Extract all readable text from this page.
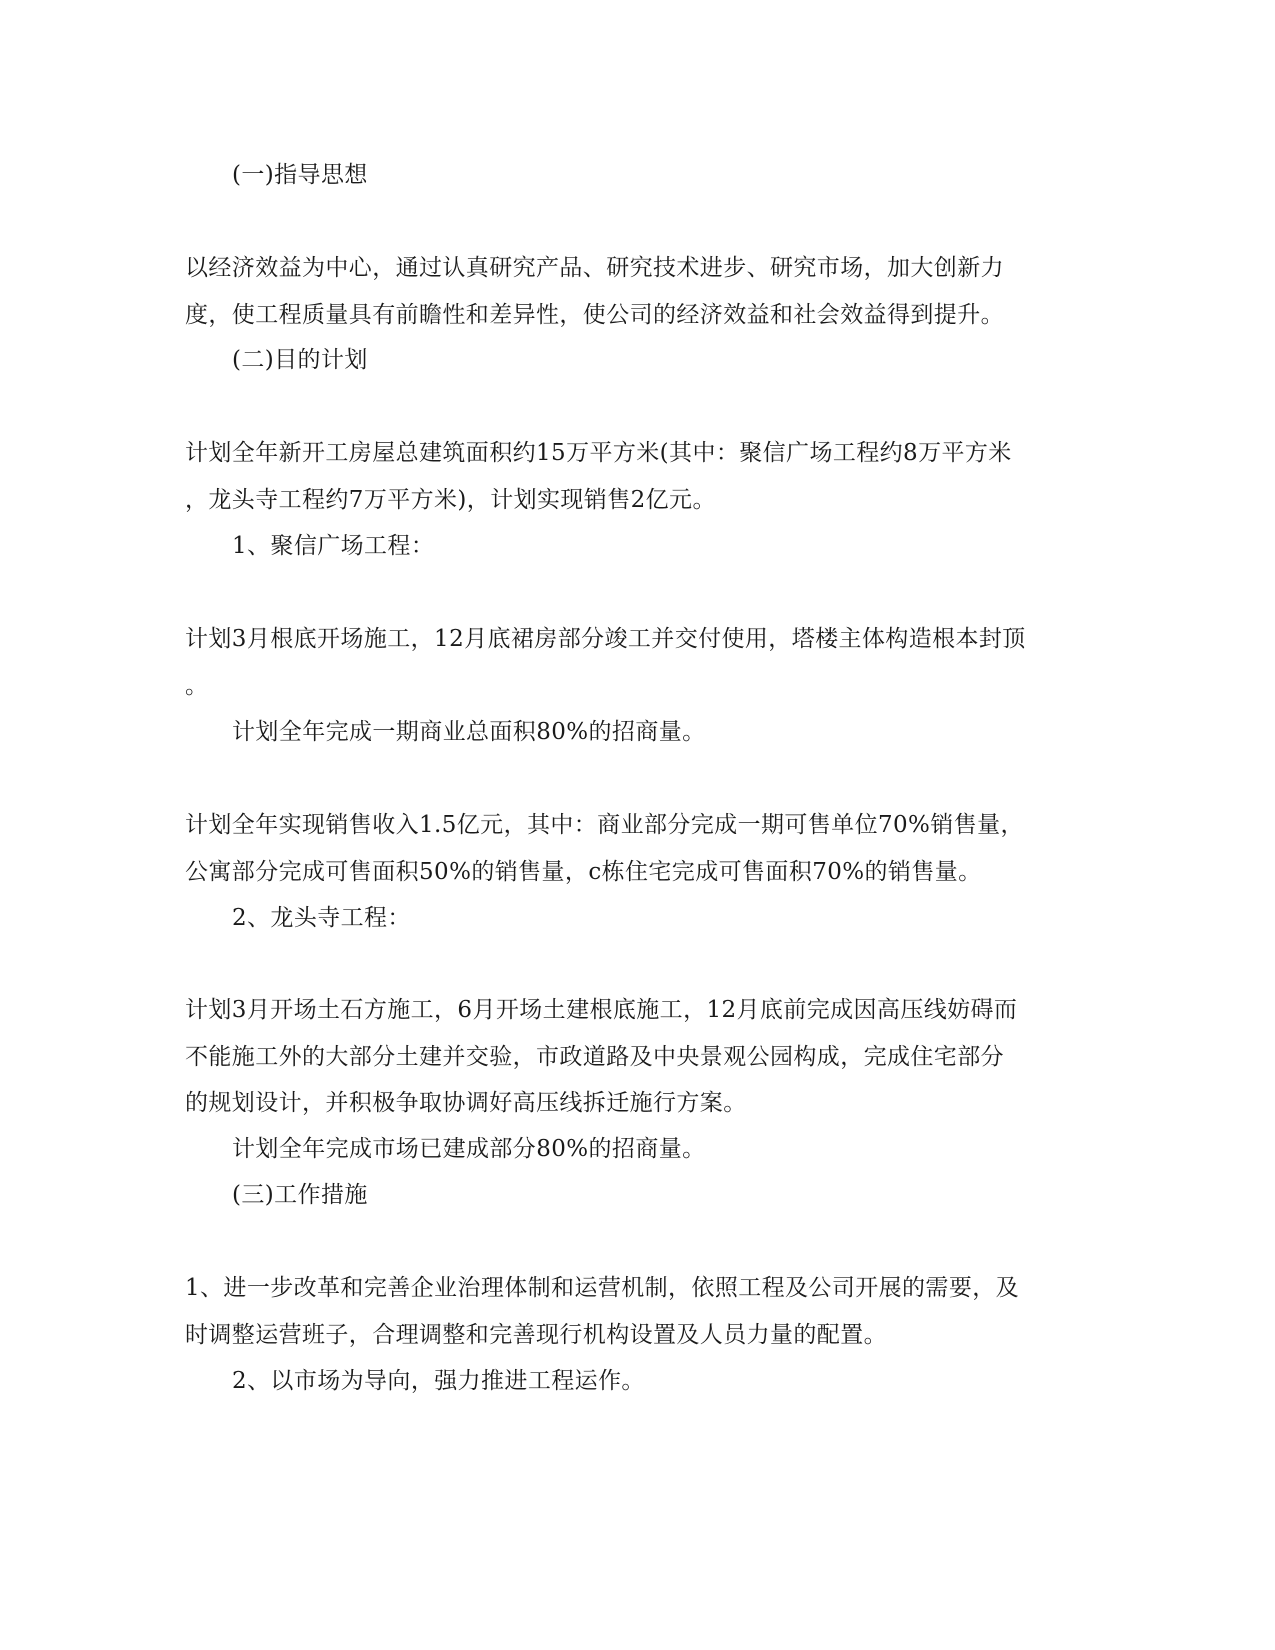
(一)指导思想
以经济效益为中心，通过认真研究产品、研究技术进步、研究市场，加大创新力
度，使工程质量具有前瞻性和差异性，使公司的经济效益和社会效益得到提升。
(二)目的计划
计划全年新开工房屋总建筑面积约15万平方米(其中：聚信广场工程约8万平方米
，龙头寺工程约7万平方米)，计划实现销售2亿元。
1、聚信广场工程：
计划3月根底开场施工，12月底裙房部分竣工并交付使用，塔楼主体构造根本封顶
。
计划全年完成一期商业总面积80%的招商量。
计划全年实现销售收入1.5亿元，其中：商业部分完成一期可售单位70%销售量，
公寓部分完成可售面积50%的销售量，c栋住宅完成可售面积70%的销售量。
2、龙头寺工程：
计划3月开场土石方施工，6月开场土建根底施工，12月底前完成因高压线妨碍而
不能施工外的大部分土建并交验，市政道路及中央景观公园构成，完成住宅部分
的规划设计，并积极争取协调好高压线拆迁施行方案。
计划全年完成市场已建成部分80%的招商量。
(三)工作措施
1、进一步改革和完善企业治理体制和运营机制，依照工程及公司开展的需要，及
时调整运营班子，合理调整和完善现行机构设置及人员力量的配置。
2、以市场为导向，强力推进工程运作。
